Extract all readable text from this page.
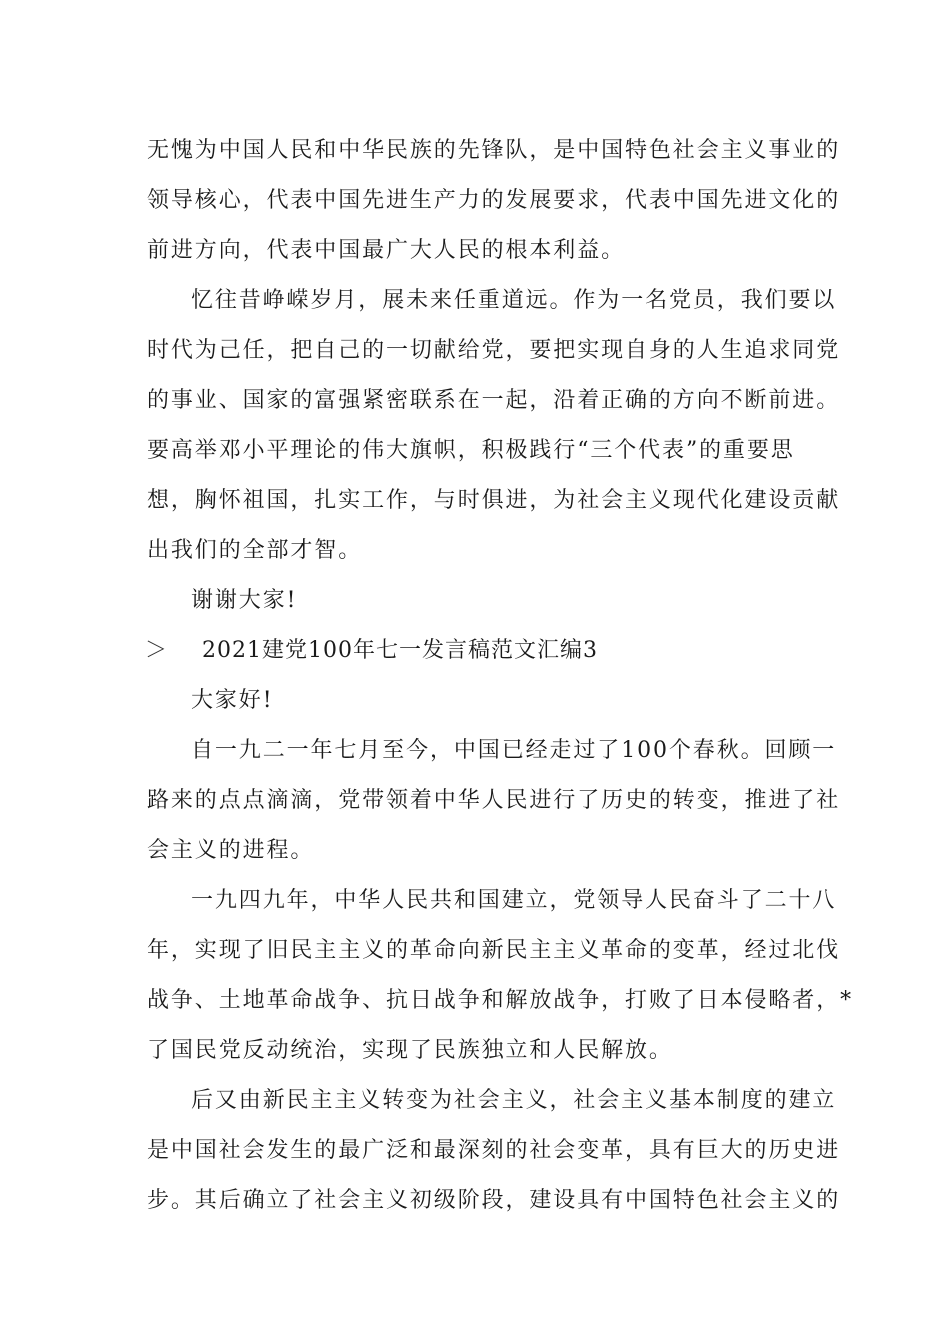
无愧为中国人民和中华民族的先锋队，是中国特色社会主义事业的
领导核心，代表中国先进生产力的发展要求，代表中国先进文化的
前进方向，代表中国最广大人民的根本利益。
忆往昔峥嵘岁月，展未来任重道远。作为一名党员，我们要以
时代为己任，把自己的一切献给党，要把实现自身的人生追求同党
的事业、国家的富强紧密联系在一起，沿着正确的方向不断前进。
要高举邓小平理论的伟大旗帜，积极践行“三个代表”的重要思
想，胸怀祖国，扎实工作，与时俱进，为社会主义现代化建设贡献
出我们的全部才智。
谢谢大家!
＞ 2021建党100年七一发言稿范文汇编3
大家好!
自一九二一年七月至今，中国已经走过了100个春秋。回顾一
路来的点点滴滴，党带领着中华人民进行了历史的转变，推进了社
会主义的进程。
一九四九年，中华人民共和国建立，党领导人民奋斗了二十八
年，实现了旧民主主义的革命向新民主主义革命的变革，经过北伐
战争、土地革命战争、抗日战争和解放战争，打败了日本侵略者，*
了国民党反动统治，实现了民族独立和人民解放。
后又由新民主主义转变为社会主义，社会主义基本制度的建立
是中国社会发生的最广泛和最深刻的社会变革，具有巨大的历史进
步。其后确立了社会主义初级阶段，建设具有中国特色社会主义的
